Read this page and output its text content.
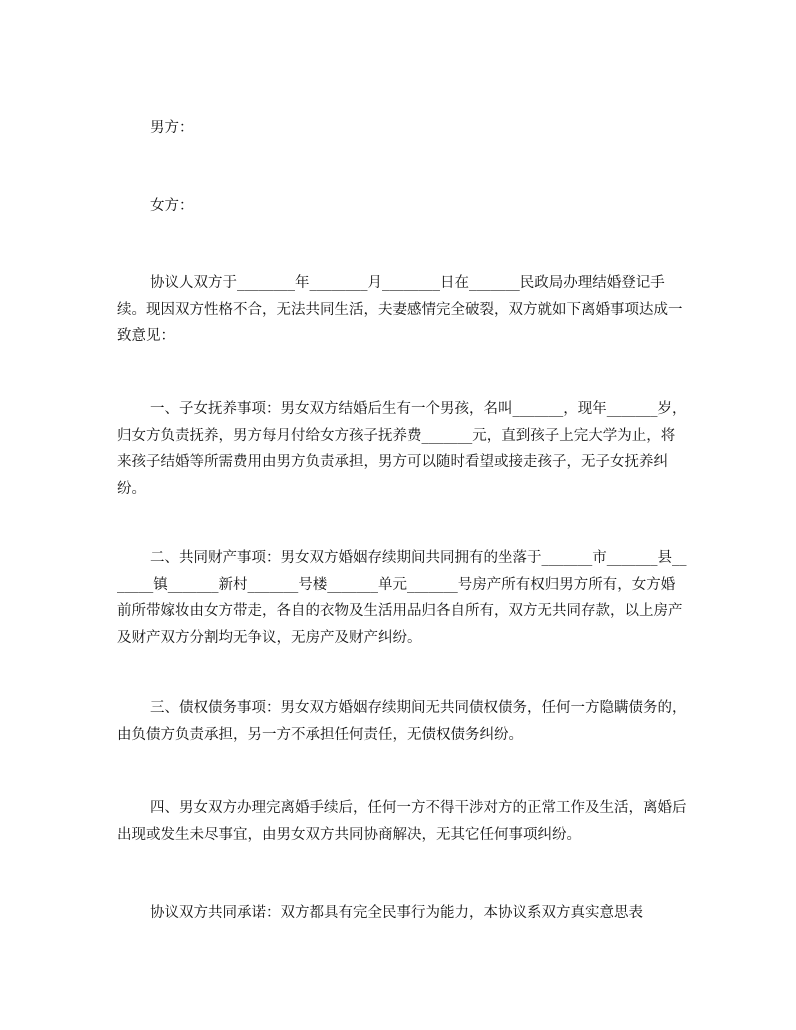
男方：

女方：

协议人双方于________年________月________日在_______民政局办理结婚登记手续。现因双方性格不合，无法共同生活，夫妻感情完全破裂，双方就如下离婚事项达成一致意见：

一、子女抚养事项：男女双方结婚后生有一个男孩，名叫_______，现年_______岁，归女方负责抚养，男方每月付给女方孩子抚养费_______元，直到孩子上完大学为止，将来孩子结婚等所需费用由男方负责承担，男方可以随时看望或接走孩子，无子女抚养纠纷。

二、共同财产事项：男女双方婚姻存续期间共同拥有的坐落于_______市_______县_______镇_______新村_______号楼_______单元_______号房产所有权归男方所有，女方婚前所带嫁妆由女方带走，各自的衣物及生活用品归各自所有，双方无共同存款，以上房产及财产双方分割均无争议，无房产及财产纠纷。

三、债权债务事项：男女双方婚姻存续期间无共同债权债务，任何一方隐瞒债务的，由负债方负责承担，另一方不承担任何责任，无债权债务纠纷。

四、男女双方办理完离婚手续后，任何一方不得干涉对方的正常工作及生活，离婚后出现或发生未尽事宜，由男女双方共同协商解决，无其它任何事项纠纷。

协议双方共同承诺：双方都具有完全民事行为能力，本协议系双方真实意思表
